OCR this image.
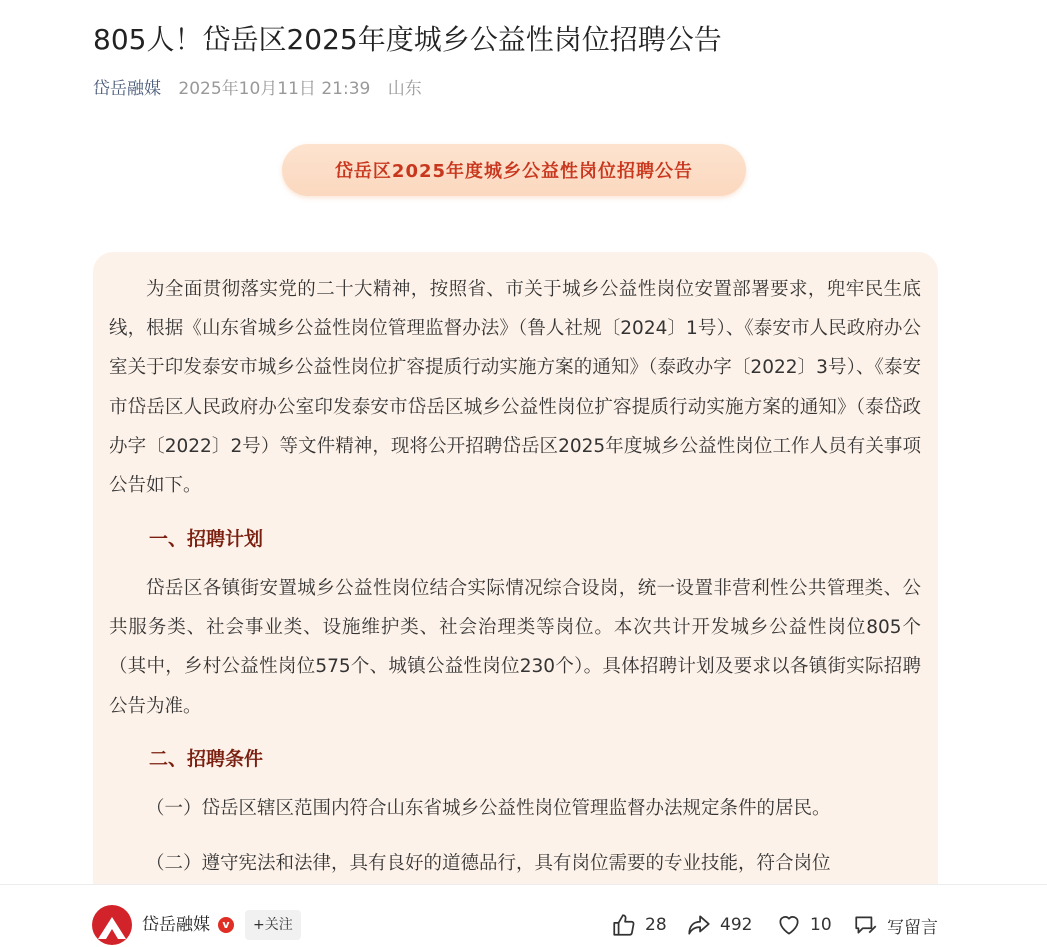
805人！岱岳区2025年度城乡公益性岗位招聘公告
岱岳融媒 2025年10月11日 21:39 山东
岱岳区2025年度城乡公益性岗位招聘公告

为全面贯彻落实党的二十大精神，按照省、市关于城乡公益性岗位安置部署要求，兜牢民生底线，根据《山东省城乡公益性岗位管理监督办法》（鲁人社规〔2024〕1号）、《泰安市人民政府办公室关于印发泰安市城乡公益性岗位扩容提质行动实施方案的通知》（泰政办字〔2022〕3号）、《泰安市岱岳区人民政府办公室印发泰安市岱岳区城乡公益性岗位扩容提质行动实施方案的通知》（泰岱政办字〔2022〕2号）等文件精神，现将公开招聘岱岳区2025年度城乡公益性岗位工作人员有关事项公告如下。

一、招聘计划

岱岳区各镇街安置城乡公益性岗位结合实际情况综合设岗，统一设置非营利性公共管理类、公共服务类、社会事业类、设施维护类、社会治理类等岗位。本次共计开发城乡公益性岗位805个（其中，乡村公益性岗位575个、城镇公益性岗位230个）。具体招聘计划及要求以各镇街实际招聘公告为准。

二、招聘条件

（一）岱岳区辖区范围内符合山东省城乡公益性岗位管理监督办法规定条件的居民。

（二）遵守宪法和法律，具有良好的道德品行，具有岗位需要的专业技能，符合岗位

岱岳融媒	v	+关注	28	492	10	写留言
